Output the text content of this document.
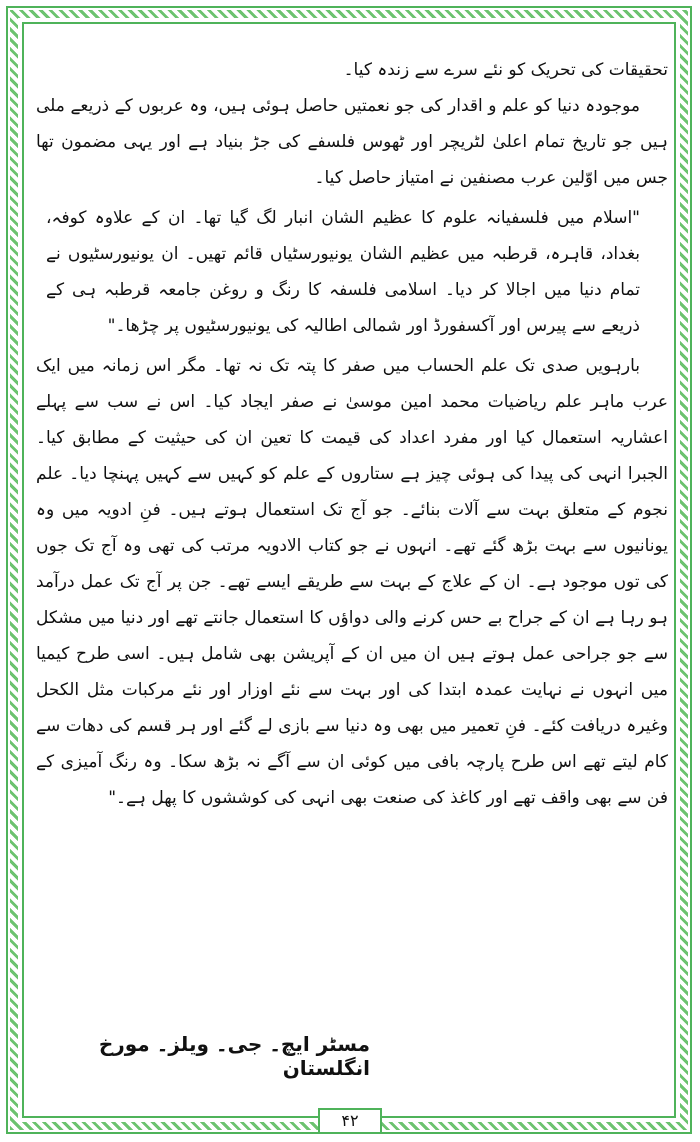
تحقیقات کی تحریک کو نئے سرے سے زندہ کیا۔

موجودہ دنیا کو علم و اقدار کی جو نعمتیں حاصل ہوئی ہیں، وہ عربوں کے ذریعے ملی ہیں جو تاریخ تمام اعلیٰ لٹریچر اور ٹھوس فلسفے کی جڑ بنیاد ہے اور یہی مضمون تھا جس میں اوّلین عرب مصنفین نے امتیاز حاصل کیا۔

"اسلام میں فلسفیانہ علوم کا عظیم الشان انبار لگ گیا تھا۔ ان کے علاوہ کوفہ، بغداد، قاہرہ، قرطبہ میں عظیم الشان یونیورسٹیاں قائم تھیں۔ ان یونیورسٹیوں نے تمام دنیا میں اجالا کر دیا۔ اسلامی فلسفہ کا رنگ و روغن جامعہ قرطبہ ہی کے ذریعے سے پیرس اور آکسفورڈ اور شمالی اطالیہ کی یونیورسٹیوں پر چڑھا۔"

بارہویں صدی تک علم الحساب میں صفر کا پتہ تک نہ تھا۔ مگر اس زمانہ میں ایک عرب ماہر علم ریاضیات محمد امین موسیٰ نے صفر ایجاد کیا۔ اس نے سب سے پہلے اعشاریہ استعمال کیا اور مفرد اعداد کی قیمت کا تعین ان کی حیثیت کے مطابق کیا۔ الجبرا انہی کی پیدا کی ہوئی چیز ہے ستاروں کے علم کو کہیں سے کہیں پہنچا دیا۔ علم نجوم کے متعلق بہت سے آلات بنائے۔ جو آج تک استعمال ہوتے ہیں۔ فنِ ادویہ میں وہ یونانیوں سے بہت بڑھ گئے تھے۔ انہوں نے جو کتاب الادویہ مرتب کی تھی وہ آج تک جوں کی توں موجود ہے۔ ان کے علاج کے بہت سے طریقے ایسے تھے۔ جن پر آج تک عمل درآمد ہو رہا ہے ان کے جراح بے حس کرنے والی دواؤں کا استعمال جانتے تھے اور دنیا میں مشکل سے جو جراحی عمل ہوتے ہیں ان میں ان کے آپریشن بھی شامل ہیں۔ اسی طرح کیمیا میں انہوں نے نہایت عمدہ ابتدا کی اور بہت سے نئے اوزار اور نئے مرکبات مثل الکحل وغیرہ دریافت کئے۔ فنِ تعمیر میں بھی وہ دنیا سے بازی لے گئے اور ہر قسم کی دھات سے کام لیتے تھے اس طرح پارچہ بافی میں کوئی ان سے آگے نہ بڑھ سکا۔ وہ رنگ آمیزی کے فن سے بھی واقف تھے اور کاغذ کی صنعت بھی انہی کی کوششوں کا پھل ہے۔"

مسٹر ایچ۔ جی۔ ویلز۔ مورخ انگلستان
۴۲
